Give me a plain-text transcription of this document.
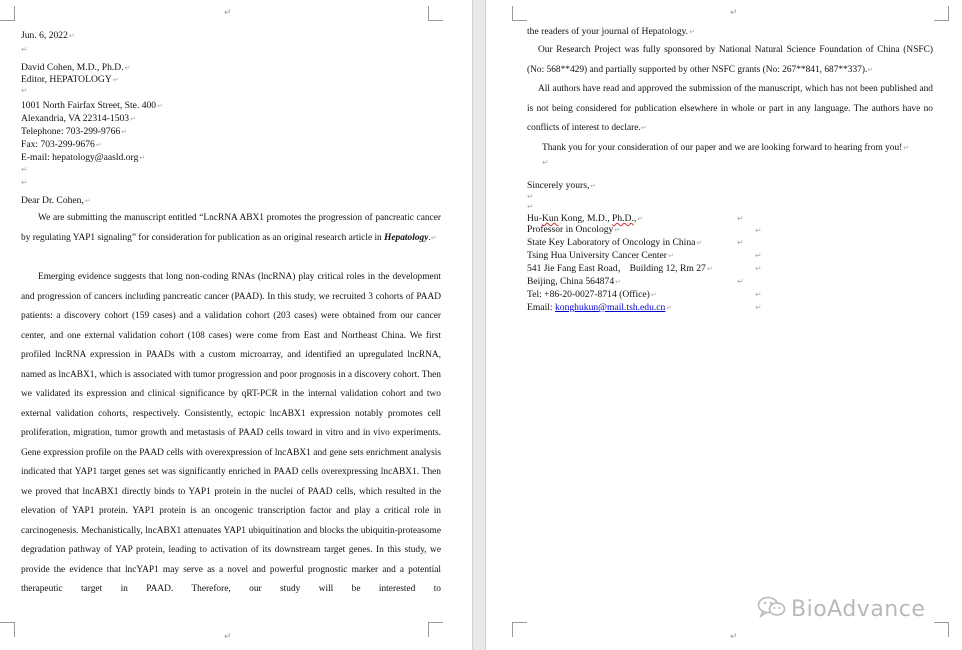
↵
↵
Jun. 6, 2022 ↵
↵
David Cohen, M.D., Ph.D. ↵
Editor, HEPATOLOGY ↵
↵
1001 North Fairfax Street, Ste. 400 ↵
Alexandria, VA 22314-1503 ↵
Telephone: 703-299-9766 ↵
Fax: 703-299-9676 ↵
E-mail: hepatology@aasld.org ↵
↵
↵
Dear Dr. Cohen, ↵
We are submitting the manuscript entitled “LncRNA ABX1 promotes the progression of pancreatic cancer by regulating YAP1 signaling” for consideration for publication as an original research article in Hepatology. ↵
Emerging evidence suggests that long non-coding RNAs (lncRNA) play critical roles in the development and progression of cancers including pancreatic cancer (PAAD). In this study, we recruited 3 cohorts of PAAD patients: a discovery cohort (159 cases) and a validation cohort (203 cases) were obtained from our cancer center, and one external validation cohort (108 cases) were come from East and Northeast China. We first profiled lncRNA expression in PAADs with a custom microarray, and identified an upregulated lncRNA, named as lncABX1, which is associated with tumor progression and poor prognosis in a discovery cohort. Then we validated its expression and clinical significance by qRT-PCR in the internal validation cohort and two external validation cohorts, respectively. Consistently, ectopic lncABX1 expression notably promotes cell proliferation, migration, tumor growth and metastasis of PAAD cells toward in vitro and in vivo experiments. Gene expression profile on the PAAD cells with overexpression of lncABX1 and gene sets enrichment analysis indicated that YAP1 target genes set was significantly enriched in PAAD cells overexpressing lncABX1. Then we proved that lncABX1 directly binds to YAP1 protein in the nuclei of PAAD cells, which resulted in the elevation of YAP1 protein. YAP1 protein is an oncogenic transcription factor and play a critical role in carcinogenesis. Mechanistically, lncABX1 attenuates YAP1 ubiquitination and blocks the ubiquitin-proteasome degradation pathway of YAP protein, leading to activation of its downstream target genes. In this study, we provide the evidence that lncYAP1 may serve as a novel and powerful prognostic marker and a potential therapeutic target in PAAD. Therefore, our study will be interested to
↵
↵
the readers of your journal of Hepatology. ↵
Our Research Project was fully sponsored by National Natural Science Foundation of China (NSFC) (No: 568**429) and partially supported by other NSFC grants (No: 267**841, 687**337). ↵
All authors have read and approved the submission of the manuscript, which has not been published and is not being considered for publication elsewhere in whole or part in any language. The authors have no conflicts of interest to declare. ↵
Thank you for your consideration of our paper and we are looking forward to hearing from you! ↵
↵
Sincerely yours, ↵
↵
↵
Hu-Kun Kong, M.D., Ph.D., ↵	↵
Professor in Oncology ↵	↵
State Key Laboratory of Oncology in China ↵	↵
Tsing Hua University Cancer Center ↵	↵
541 Jie Fang East Road， Building 12, Rm 27 ↵	↵
Beijing, China 564874 ↵	↵
Tel: +86-20-0027-8714 (Office) ↵	↵
Email: konghukun@mail.tsh.edu.cn ↵	↵
BioAdvance
